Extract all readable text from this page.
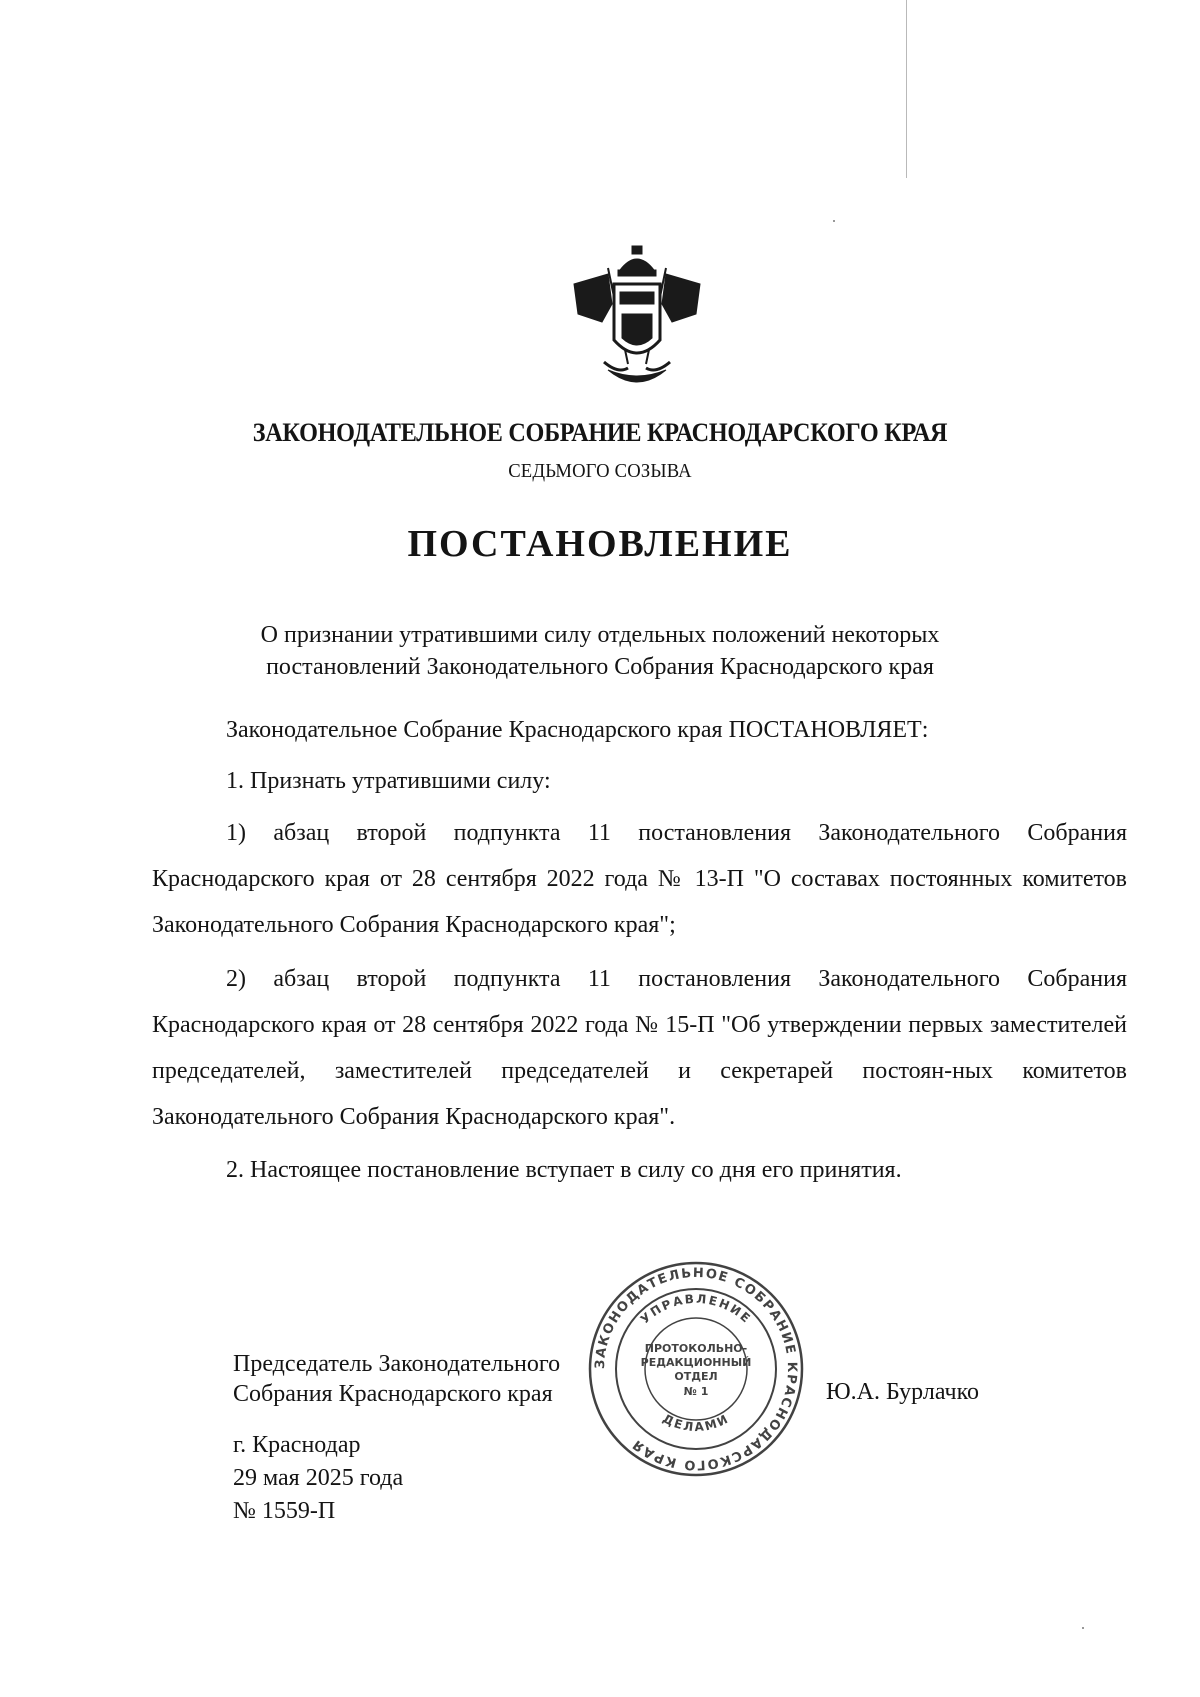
ЗАКОНОДАТЕЛЬНОЕ СОБРАНИЕ КРАСНОДАРСКОГО КРАЯ
СЕДЬМОГО СОЗЫВА
ПОСТАНОВЛЕНИЕ
О признании утратившими силу отдельных положений некоторых
постановлений Законодательного Собрания Краснодарского края
Законодательное Собрание Краснодарского края ПОСТАНОВЛЯЕТ:
1. Признать утратившими силу:
1) абзац второй подпункта 11 постановления Законодательного Собрания Краснодарского края от 28 сентября 2022 года № 13-П "О составах постоянных комитетов Законодательного Собрания Краснодарского края";
2) абзац второй подпункта 11 постановления Законодательного Собрания Краснодарского края от 28 сентября 2022 года № 15-П "Об утверждении первых заместителей председателей, заместителей председателей и секретарей постоян-ных комитетов Законодательного Собрания Краснодарского края".
2. Настоящее постановление вступает в силу со дня его принятия.
Председатель Законодательного
Собрания Краснодарского края	Ю.А. Бурлачко
г. Краснодар
29 мая 2025 года
№ 1559-П
ЗАКОНОДАТЕЛЬНОЕ СОБРАНИЕ КРАСНОДАРСКОГО КРАЯ
УПРАВЛЕНИЕ
ДЕЛАМИ
ПРОТОКОЛЬНО-
РЕДАКЦИОННЫЙ
ОТДЕЛ
№ 1
